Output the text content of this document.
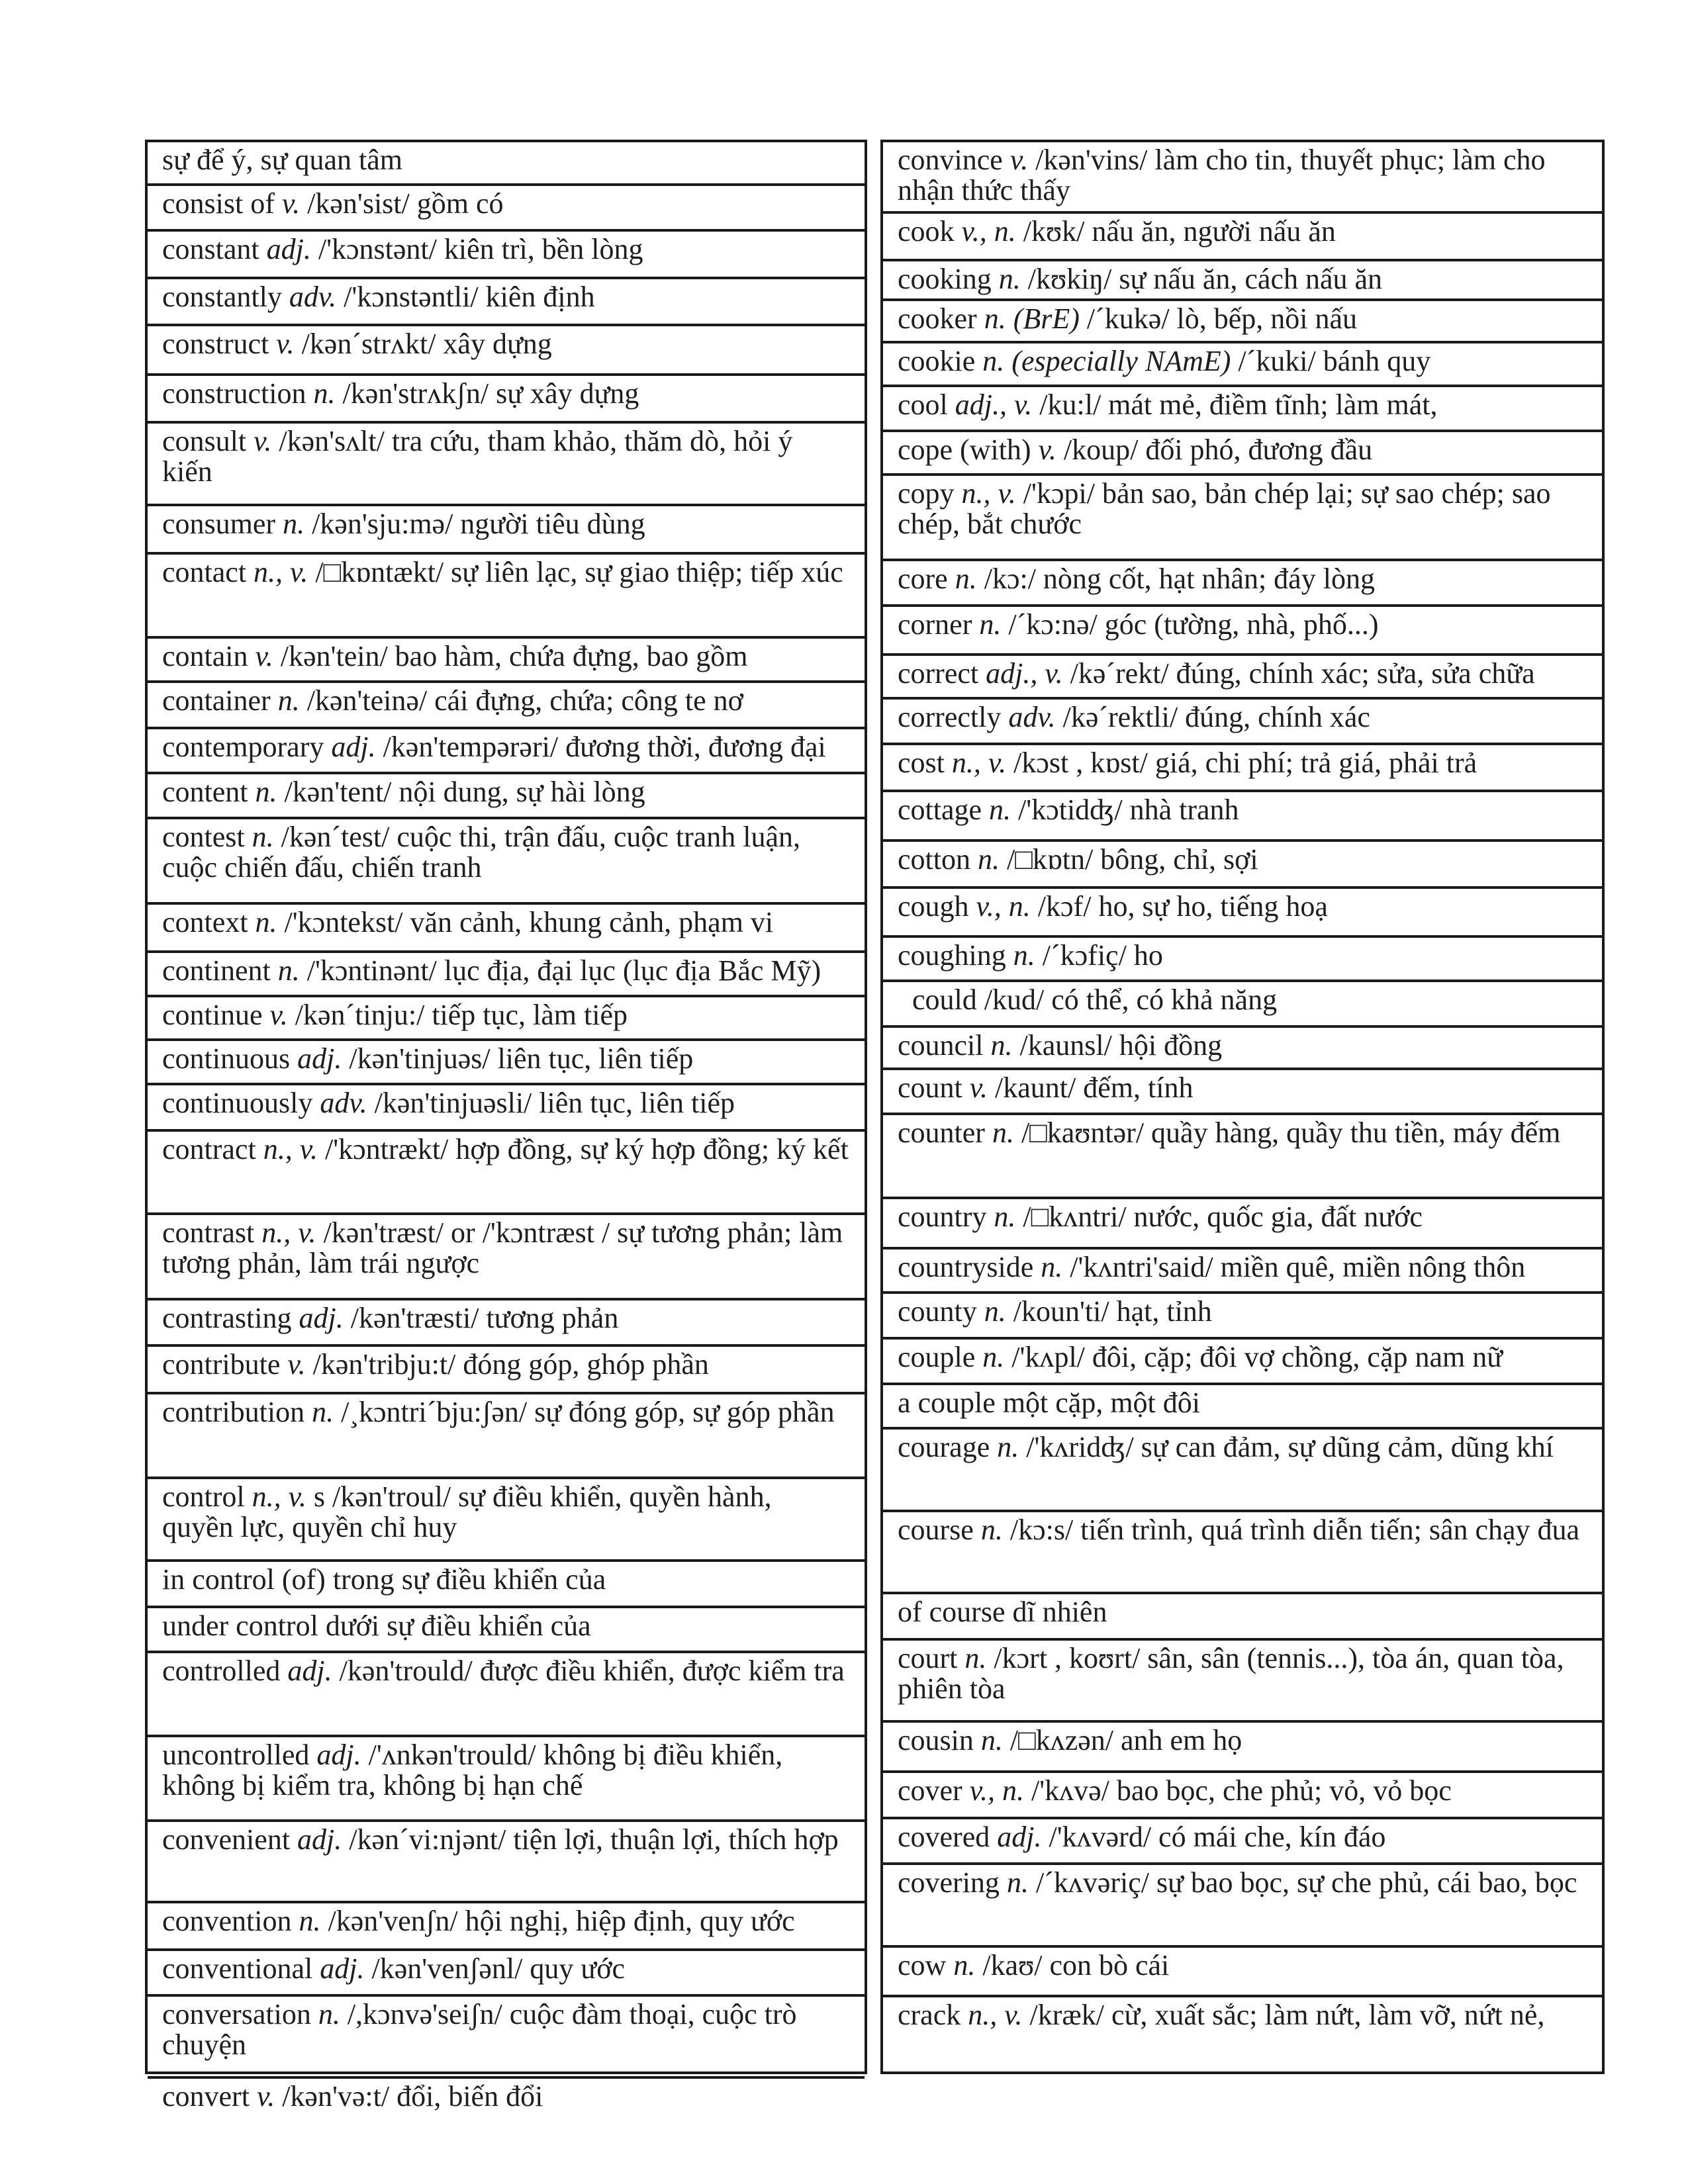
sự để ý, sự quan tâm
consist of v. /kən'sist/ gồm có
constant adj. /'kɔnstənt/ kiên trì, bền lòng
constantly adv. /'kɔnstəntli/ kiên định
construct v. /kən´strʌkt/ xây dựng
construction n. /kən'strʌkʃn/ sự xây dựng
consult v. /kən'sʌlt/ tra cứu, tham khảo, thăm dò, hỏi ý kiến
consumer n. /kən'sju:mə/ người tiêu dùng
contact n., v. /□kɒntækt/ sự liên lạc, sự giao thiệp; tiếp xúc
contain v. /kən'tein/ bao hàm, chứa đựng, bao gồm
container n. /kən'teinə/ cái đựng, chứa; công te nơ
contemporary adj. /kən'tempərəri/ đương thời, đương đại
content n. /kən'tent/ nội dung, sự hài lòng
contest n. /kən´test/ cuộc thi, trận đấu, cuộc tranh luận, cuộc chiến đấu, chiến tranh
context n. /'kɔntekst/ văn cảnh, khung cảnh, phạm vi
continent n. /'kɔntinənt/ lục địa, đại lục (lục địa Bắc Mỹ)
continue v. /kən´tinju:/ tiếp tục, làm tiếp
continuous adj. /kən'tinjuəs/ liên tục, liên tiếp
continuously adv. /kən'tinjuəsli/ liên tục, liên tiếp
contract n., v. /'kɔntrækt/ hợp đồng, sự ký hợp đồng; ký kết
contrast n., v. /kən'træst/ or /'kɔntræst / sự tương phản; làm tương phản, làm trái ngược
contrasting adj. /kən'træsti/ tương phản
contribute v. /kən'tribju:t/ đóng góp, ghóp phần
contribution n. /¸kɔntri´bju:ʃən/ sự đóng góp, sự góp phần
control n., v. s /kən'troul/ sự điều khiển, quyền hành, quyền lực, quyền chỉ huy
in control (of) trong sự điều khiển của
under control dưới sự điều khiển của
controlled adj. /kən'trould/ được điều khiển, được kiểm tra
uncontrolled adj. /'ʌnkən'trould/ không bị điều khiển, không bị kiểm tra, không bị hạn chế
convenient adj. /kən´vi:njənt/ tiện lợi, thuận lợi, thích hợp
convention n. /kən'venʃn/ hội nghị, hiệp định, quy ước
conventional adj. /kən'venʃənl/ quy ước
conversation n. /,kɔnvə'seiʃn/ cuộc đàm thoại, cuộc trò chuyện
convert v. /kən'və:t/ đổi, biến đổi
convince v. /kən'vins/ làm cho tin, thuyết phục; làm cho nhận thức thấy
cook v., n. /kʊk/ nấu ăn, người nấu ăn
cooking n. /kʊkiŋ/ sự nấu ăn, cách nấu ăn
cooker n. (BrE) /´kukə/ lò, bếp, nồi nấu
cookie n. (especially NAmE) /´kuki/ bánh quy
cool adj., v. /ku:l/ mát mẻ, điềm tĩnh; làm mát,
cope (with) v. /koup/ đối phó, đương đầu
copy n., v. /'kɔpi/ bản sao, bản chép lại; sự sao chép; sao chép, bắt chước
core n. /kɔ:/ nòng cốt, hạt nhân; đáy lòng
corner n. /´kɔ:nə/ góc (tường, nhà, phố...)
correct adj., v. /kə´rekt/ đúng, chính xác; sửa, sửa chữa
correctly adv. /kə´rektli/ đúng, chính xác
cost n., v. /kɔst , kɒst/ giá, chi phí; trả giá, phải trả
cottage n. /'kɔtidʤ/ nhà tranh
cotton n. /□kɒtn/ bông, chỉ, sợi
cough v., n. /kɔf/ ho, sự ho, tiếng hoạ
coughing n. /´kɔfiç/ ho
could /kud/ có thể, có khả năng
council n. /kaunsl/ hội đồng
count v. /kaunt/ đếm, tính
counter n. /□kaʊntər/ quầy hàng, quầy thu tiền, máy đếm
country n. /□kʌntri/ nước, quốc gia, đất nước
countryside n. /'kʌntri'said/ miền quê, miền nông thôn
county n. /koun'ti/ hạt, tỉnh
couple n. /'kʌpl/ đôi, cặp; đôi vợ chồng, cặp nam nữ
a couple một cặp, một đôi
courage n. /'kʌridʤ/ sự can đảm, sự dũng cảm, dũng khí
course n. /kɔ:s/ tiến trình, quá trình diễn tiến; sân chạy đua
of course dĩ nhiên
court n. /kɔrt , koʊrt/ sân, sân (tennis...), tòa án, quan tòa, phiên tòa
cousin n. /□kʌzən/ anh em họ
cover v., n. /'kʌvə/ bao bọc, che phủ; vỏ, vỏ bọc
covered adj. /'kʌvərd/ có mái che, kín đáo
covering n. /´kʌvəriç/ sự bao bọc, sự che phủ, cái bao, bọc
cow n. /kaʊ/ con bò cái
crack n., v. /kræk/ cừ, xuất sắc; làm nứt, làm vỡ, nứt nẻ,
